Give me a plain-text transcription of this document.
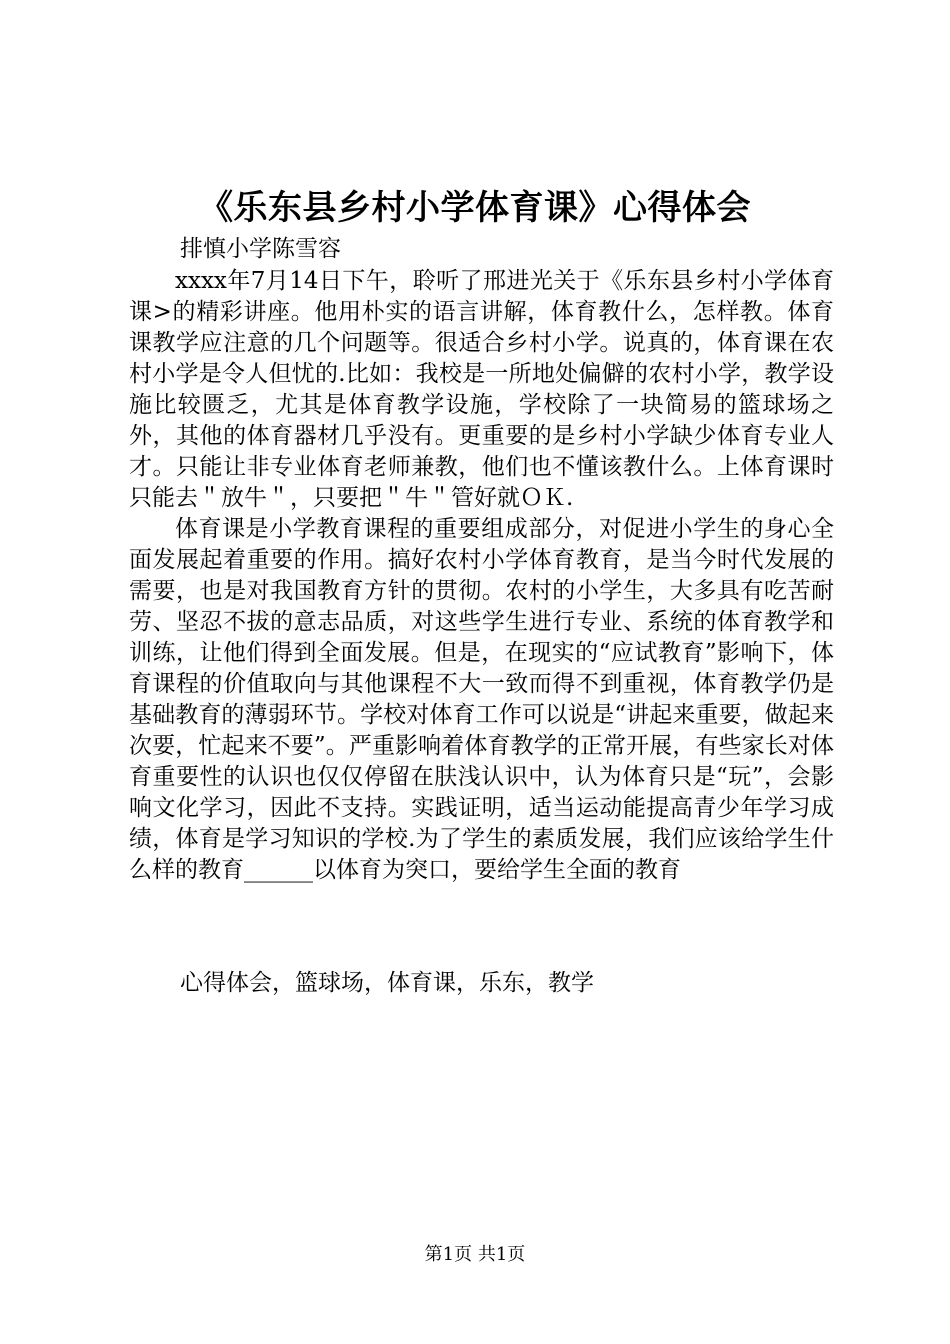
《乐东县乡村小学体育课》心得体会
排慎小学陈雪容

xxxx年7月14日下午，聆听了邢进光关于《乐东县乡村小学体育课>的精彩讲座。他用朴实的语言讲解，体育教什么，怎样教。体育课教学应注意的几个问题等。很适合乡村小学。说真的，体育课在农村小学是令人但忧的.比如：我校是一所地处偏僻的农村小学，教学设施比较匮乏，尤其是体育教学设施，学校除了一块简易的篮球场之外，其他的体育器材几乎没有。更重要的是乡村小学缺少体育专业人才。只能让非专业体育老师兼教，他们也不懂该教什么。上体育课时只能去＂放牛＂，只要把＂牛＂管好就ＯＫ.

体育课是小学教育课程的重要组成部分，对促进小学生的身心全面发展起着重要的作用。搞好农村小学体育教育，是当今时代发展的需要，也是对我国教育方针的贯彻。农村的小学生，大多具有吃苦耐劳、坚忍不拔的意志品质，对这些学生进行专业、系统的体育教学和训练，让他们得到全面发展。但是，在现实的“应试教育”影响下，体育课程的价值取向与其他课程不大一致而得不到重视，体育教学仍是基础教育的薄弱环节。学校对体育工作可以说是“讲起来重要，做起来次要，忙起来不要”。严重影响着体育教学的正常开展，有些家长对体育重要性的认识也仅仅停留在肤浅认识中，认为体育只是“玩”，会影响文化学习，因此不支持。实践证明，适当运动能提高青少年学习成绩，体育是学习知识的学校.为了学生的素质发展，我们应该给学生什么样的教育______以体育为突口，要给学生全面的教育

心得体会，篮球场，体育课，乐东，教学
第1页 共1页
